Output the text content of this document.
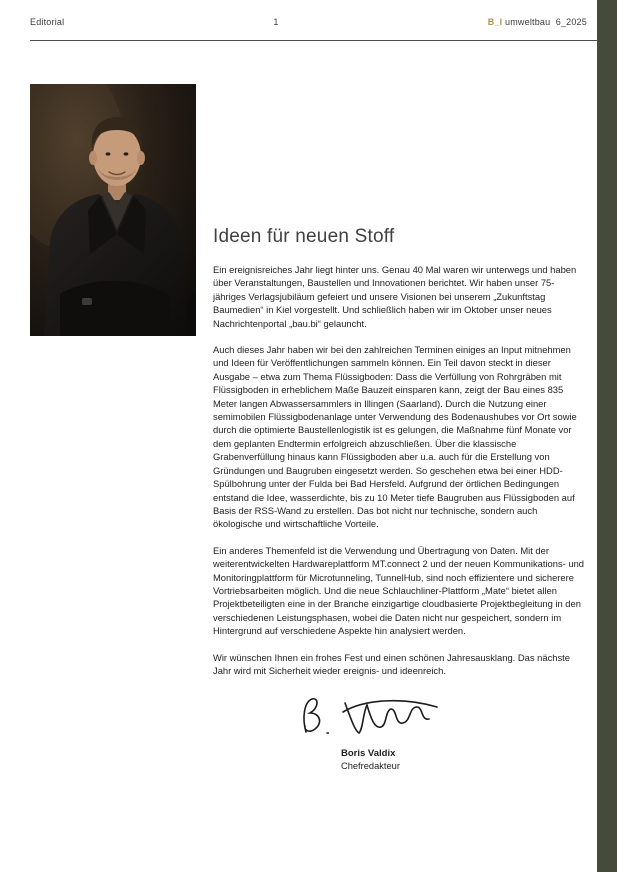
Editorial	1	B_I umweltbau  6_2025
Ideen für neuen Stoff

Ein ereignisreiches Jahr liegt hinter uns. Genau 40 Mal waren wir unterwegs und haben über Veranstaltungen, Baustellen und Innovationen berichtet. Wir haben unser 75-jähriges Verlagsjubiläum gefeiert und unsere Visionen bei unserem „Zukunftstag Baumedien“ in Kiel vorgestellt. Und schließlich haben wir im Oktober unser neues Nachrichtenportal „bau.bi“ gelauncht.

Auch dieses Jahr haben wir bei den zahlreichen Terminen einiges an Input mitnehmen und Ideen für Veröffentlichungen sammeln können. Ein Teil davon steckt in dieser Ausgabe – etwa zum Thema Flüssigboden: Dass die Verfüllung von Rohrgräben mit Flüssigboden in erheblichem Maße Bauzeit einsparen kann, zeigt der Bau eines 835 Meter langen Abwassersammlers in Illingen (Saarland). Durch die Nutzung einer semimobilen Flüssigbodenanlage unter Verwendung des Bodenaushubes vor Ort sowie durch die optimierte Baustellenlogistik ist es gelungen, die Maßnahme fünf Monate vor dem geplanten Endtermin erfolgreich abzuschließen. Über die klassische Grabenverfüllung hinaus kann Flüssigboden aber u.a. auch für die Erstellung von Gründungen und Baugruben eingesetzt werden. So geschehen etwa bei einer HDD-Spülbohrung unter der Fulda bei Bad Hersfeld. Aufgrund der örtlichen Bedingungen entstand die Idee, wasserdichte, bis zu 10 Meter tiefe Baugruben aus Flüssigboden auf Basis der RSS-Wand zu erstellen. Das bot nicht nur technische, sondern auch ökologische und wirtschaftliche Vorteile.

Ein anderes Themenfeld ist die Verwendung und Übertragung von Daten. Mit der weiterentwickelten Hardwareplattform MT.connect 2 und der neuen Kommunikations- und Monitoringplattform für Microtunneling, TunnelHub, sind noch effizientere und sicherere Vortriebsarbeiten möglich. Und die neue Schlauchliner-Plattform „Mate“ bietet allen Projektbeteiligten eine in der Branche einzigartige cloudbasierte Projektbegleitung in den verschiedenen Leistungsphasen, wobei die Daten nicht nur gespeichert, sondern im Hintergrund auf verschiedene Aspekte hin analysiert werden.

Wir wünschen Ihnen ein frohes Fest und einen schönen Jahresausklang. Das nächste Jahr wird mit Sicherheit wieder ereignis- und ideenreich.

Boris Valdix
Chefredakteur
